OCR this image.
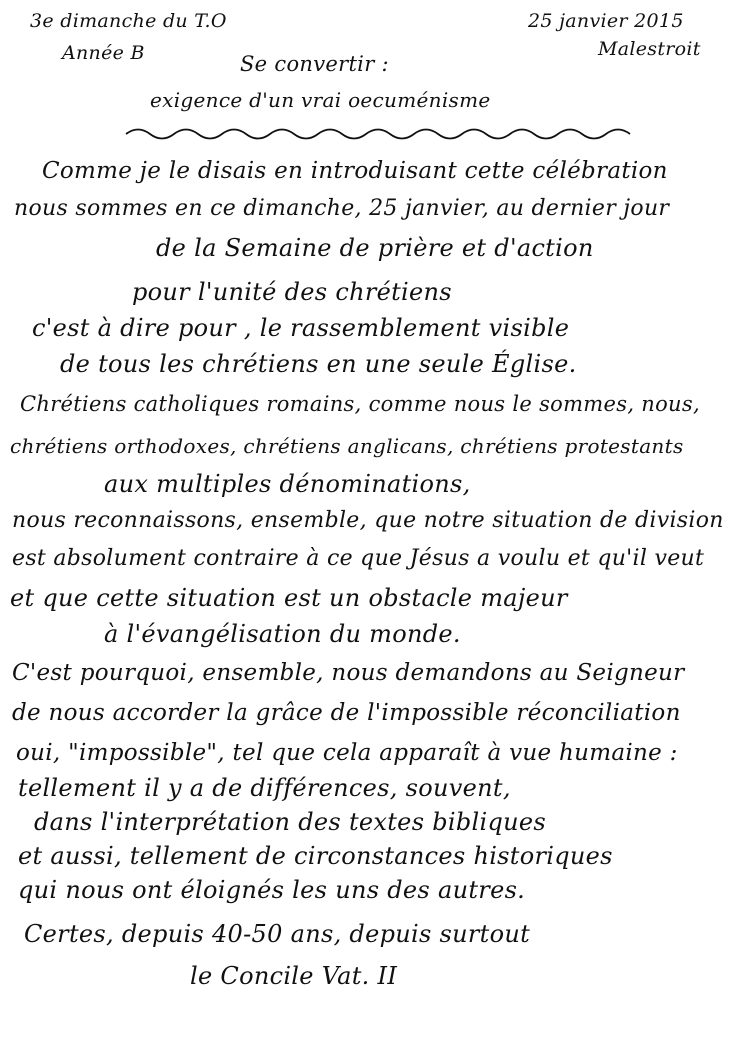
3e dimanche du T.O
Année B
25 janvier 2015
Malestroit
Se convertir :
exigence d'un vrai oecuménisme
Comme je le disais en introduisant cette célébration
nous sommes en ce dimanche, 25 janvier, au dernier jour
de la Semaine de prière et d'action
pour l'unité des chrétiens
c'est à dire pour , le rassemblement visible
de tous les chrétiens en une seule Église.
Chrétiens catholiques romains, comme nous le sommes, nous,
chrétiens orthodoxes, chrétiens anglicans, chrétiens protestants
aux multiples dénominations,
nous reconnaissons, ensemble, que notre situation de division
est absolument contraire à ce que Jésus a voulu et qu'il veut
et que cette situation est un obstacle majeur
à l'évangélisation du monde.
C'est pourquoi, ensemble, nous demandons au Seigneur
de nous accorder la grâce de l'impossible réconciliation
oui, "impossible", tel que cela apparaît à vue humaine :
tellement il y a de différences, souvent,
dans l'interprétation des textes bibliques
et aussi, tellement de circonstances historiques
qui nous ont éloignés les uns des autres.
Certes, depuis 40-50 ans, depuis surtout
le Concile Vat. II
